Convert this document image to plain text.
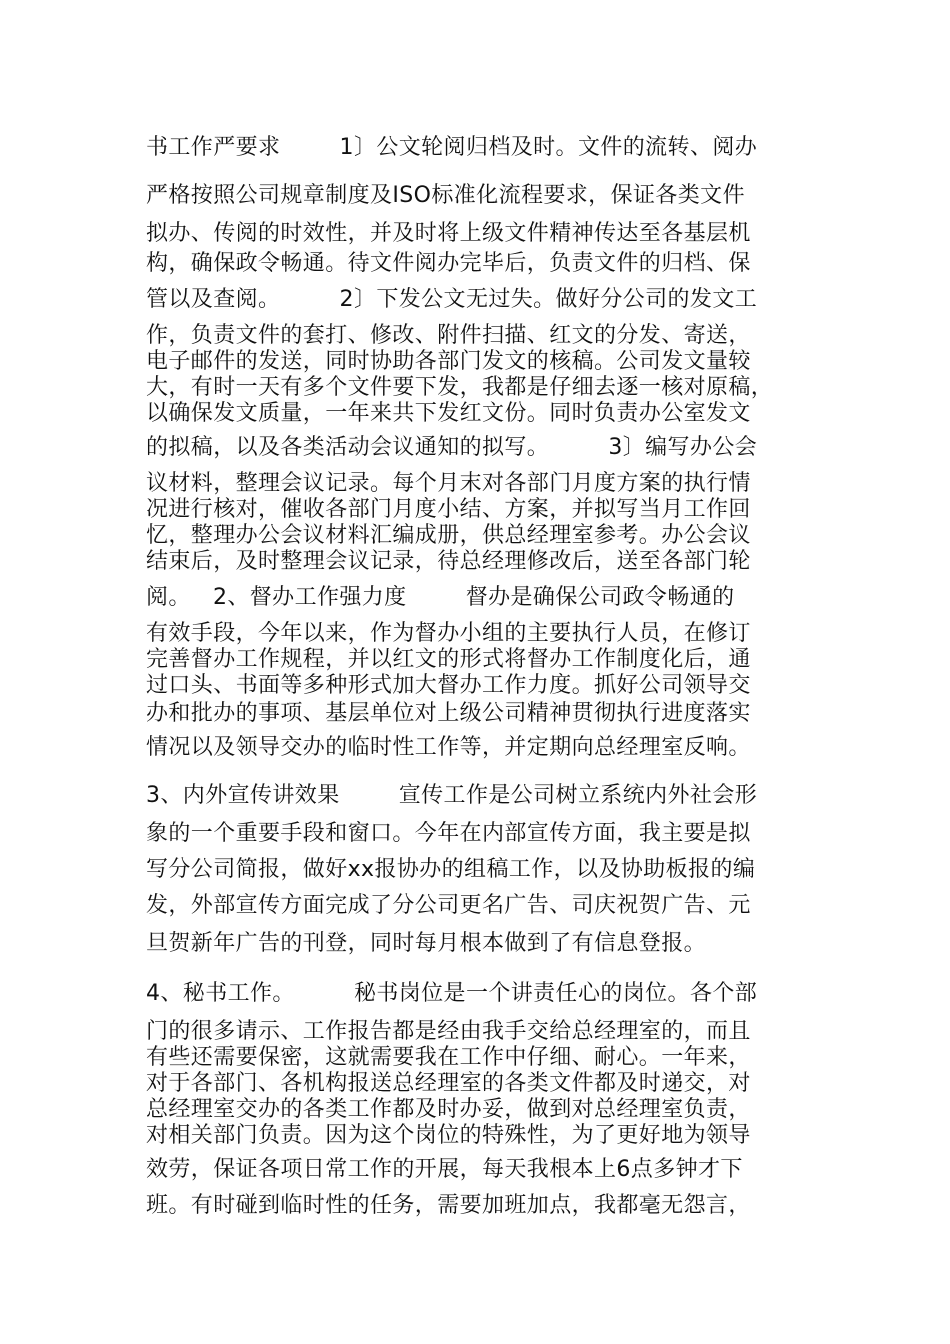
书工作严要求        1〕公文轮阅归档及时。文件的流转、阅办
严格按照公司规章制度及ISO标准化流程要求，保证各类文件
拟办、传阅的时效性，并及时将上级文件精神传达至各基层机
构，确保政令畅通。待文件阅办完毕后，负责文件的归档、保
管以及查阅。        2〕下发公文无过失。做好分公司的发文工
作，负责文件的套打、修改、附件扫描、红文的分发、寄送，
电子邮件的发送，同时协助各部门发文的核稿。公司发文量较
大，有时一天有多个文件要下发，我都是仔细去逐一核对原稿，
以确保发文质量，一年来共下发红文份。同时负责办公室发文
的拟稿，以及各类活动会议通知的拟写。        3〕编写办公会
议材料，整理会议记录。每个月末对各部门月度方案的执行情
况进行核对，催收各部门月度小结、方案，并拟写当月工作回
忆，整理办公会议材料汇编成册，供总经理室参考。办公会议
结束后，及时整理会议记录，待总经理修改后，送至各部门轮
阅。   2、督办工作强力度        督办是确保公司政令畅通的
有效手段，今年以来，作为督办小组的主要执行人员，在修订
完善督办工作规程，并以红文的形式将督办工作制度化后，通
过口头、书面等多种形式加大督办工作力度。抓好公司领导交
办和批办的事项、基层单位对上级公司精神贯彻执行进度落实
情况以及领导交办的临时性工作等，并定期向总经理室反响。
3、内外宣传讲效果        宣传工作是公司树立系统内外社会形
象的一个重要手段和窗口。今年在内部宣传方面，我主要是拟
写分公司简报，做好xx报协办的组稿工作，以及协助板报的编
发，外部宣传方面完成了分公司更名广告、司庆祝贺广告、元
旦贺新年广告的刊登，同时每月根本做到了有信息登报。
4、秘书工作。        秘书岗位是一个讲责任心的岗位。各个部
门的很多请示、工作报告都是经由我手交给总经理室的，而且
有些还需要保密，这就需要我在工作中仔细、耐心。一年来，
对于各部门、各机构报送总经理室的各类文件都及时递交，对
总经理室交办的各类工作都及时办妥，做到对总经理室负责，
对相关部门负责。因为这个岗位的特殊性，为了更好地为领导
效劳，保证各项日常工作的开展，每天我根本上6点多钟才下
班。有时碰到临时性的任务，需要加班加点，我都毫无怨言，
